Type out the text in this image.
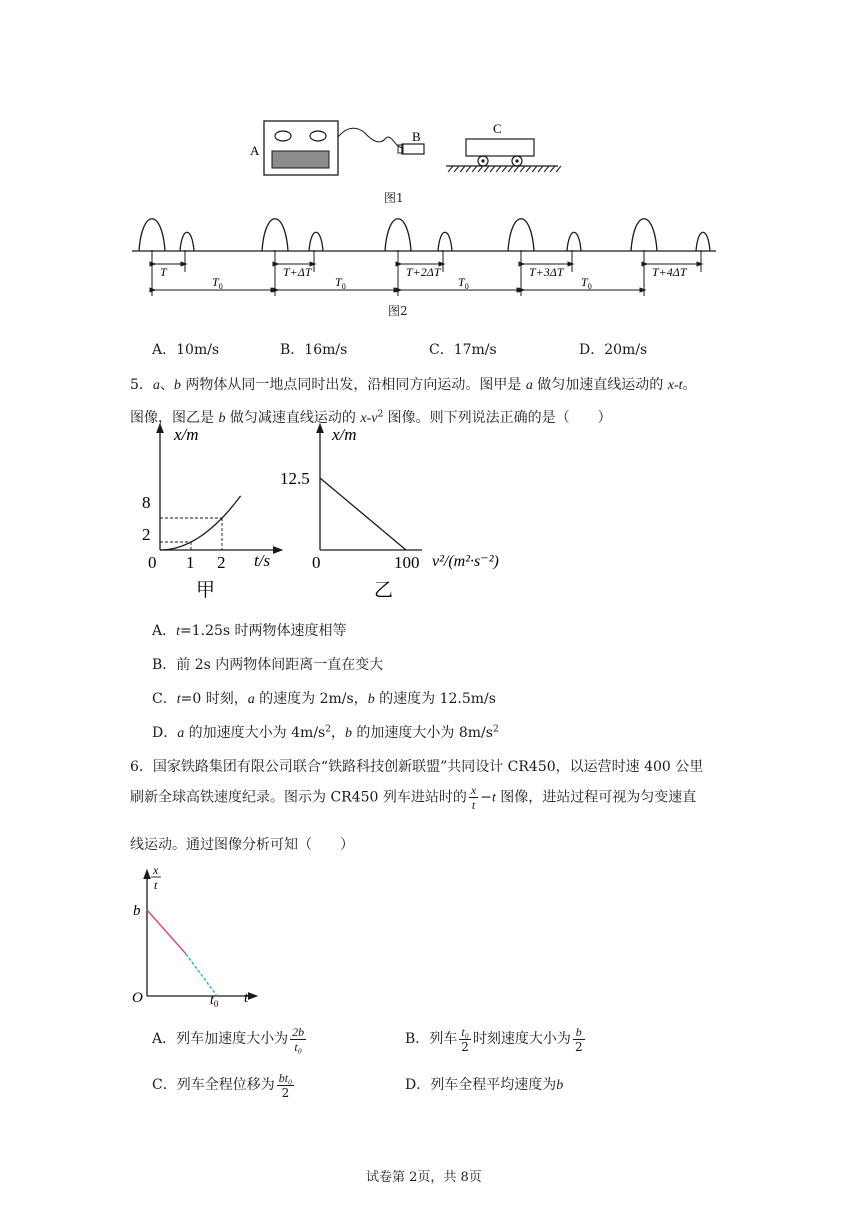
A
B
C
图1
T
$T_0$
T+ΔT
$T_0$
T+2ΔT
$T_0$
T+3ΔT
$T_0$
T+4ΔT
图2
A．10m/s	B．16m/s	C．17m/s	D．20m/s
5．a、b 两物体从同一地点同时出发，沿相同方向运动。图甲是 a 做匀加速直线运动的 x-t。
图像，图乙是 b 做匀减速直线运动的 $x-v^2$ 图像。则下列说法正确的是（　　）
x/m
8
2
0 1 2 t/s
甲
x/m
12.5
0	100 v²/(m²·s⁻²)
乙
A．t=1.25s 时两物体速度相等
B．前 2s 内两物体间距离一直在变大
C．t=0 时刻，a 的速度为 2m/s，b 的速度为 12.5m/s
D．a 的加速度大小为 $4m/s^2$，b 的加速度大小为 $8m/s^2$
6．国家铁路集团有限公司联合“铁路科技创新联盟”共同设计 CR450，以运营时速 400 公里
刷新全球高铁速度纪录。图示为 CR450 列车进站时的 $\frac{x}{t} -t$ 图像，进站过程可视为匀变速直
线运动。通过图像分析可知（　　）
x
t
b
O	$t_0$ t
A．列车加速度大小为 $\frac{2b}{\text{t₀}}$	B．列车 $\frac{\text{t₀}}{2}$ 时刻速度大小为 $\frac{b}{2}$
C．列车全程位移为 $\frac{\text{bt₀}}{2}$	D．列车全程平均速度为b
试卷第 2页，共 8页
